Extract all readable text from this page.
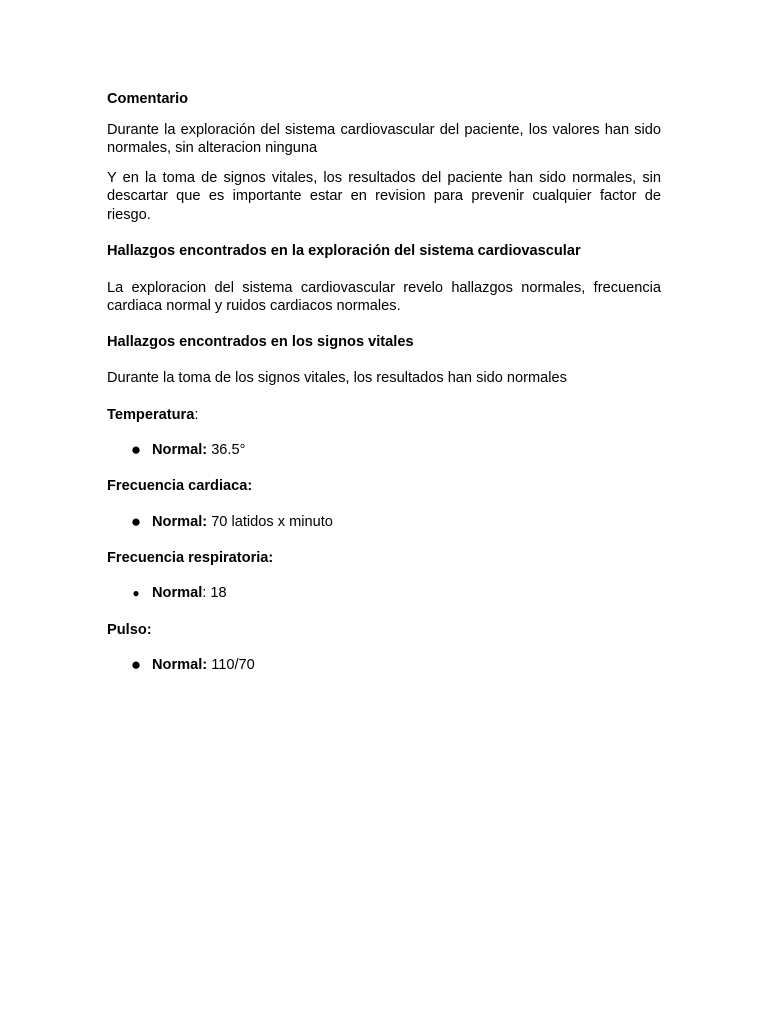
Comentario

Durante la exploración del sistema cardiovascular del paciente, los valores han sido normales, sin alteracion ninguna

Y en la toma de signos vitales, los resultados del paciente han sido normales, sin descartar que es importante estar en revision para prevenir cualquier factor de riesgo.

Hallazgos encontrados en la exploración del sistema cardiovascular

La exploracion del sistema cardiovascular revelo hallazgos normales, frecuencia cardiaca normal y ruidos cardiacos normales.

Hallazgos encontrados en los signos vitales

Durante la toma de los signos vitales, los resultados han sido normales

Temperatura:

● Normal: 36.5°

Frecuencia cardiaca:

● Normal: 70 latidos x minuto

Frecuencia respiratoria:

● Normal: 18

Pulso:

● Normal: 110/70
